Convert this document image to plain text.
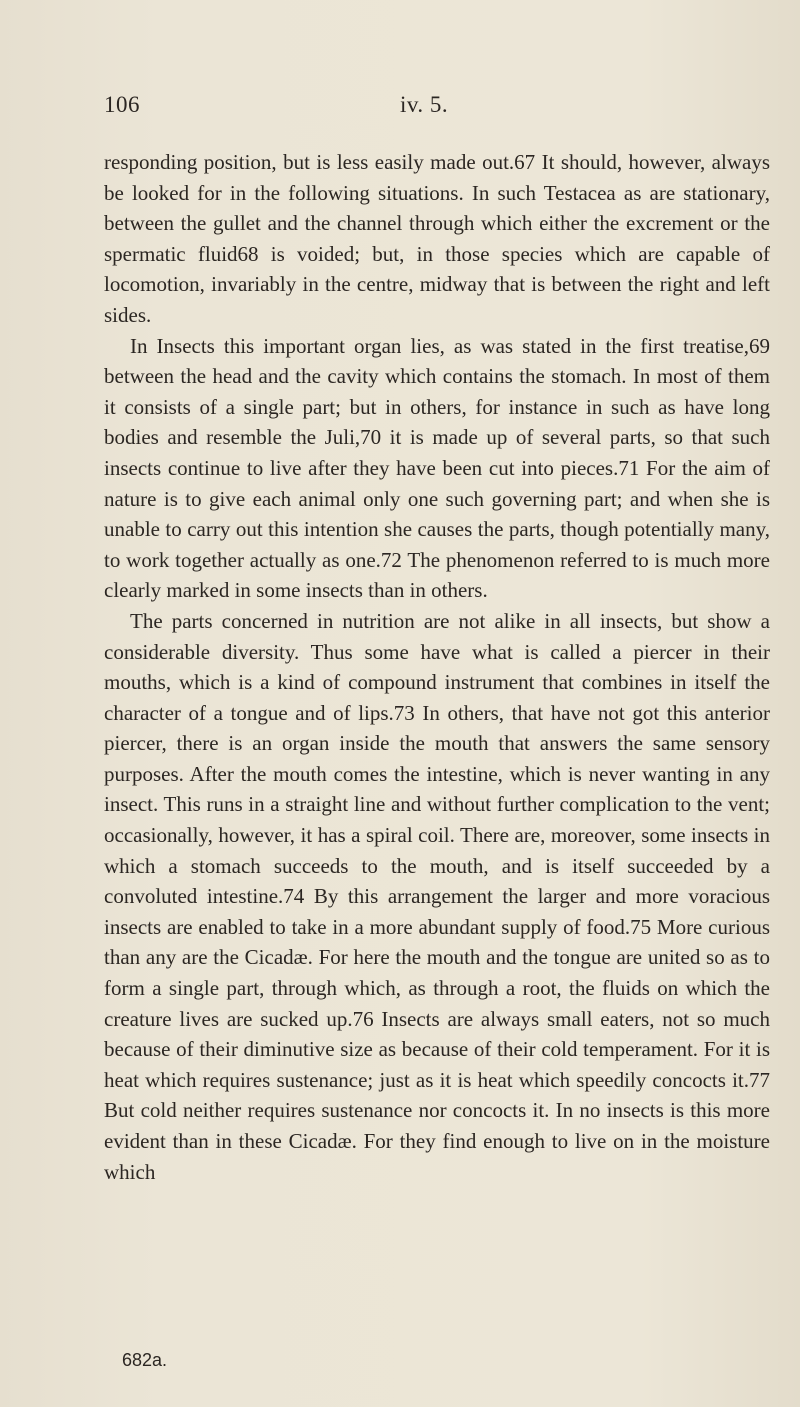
106	iv. 5.

responding position, but is less easily made out.67 It should, however, always be looked for in the following situations. In such Testacea as are stationary, between the gullet and the channel through which either the excrement or the spermatic fluid68 is voided; but, in those species which are capable of locomotion, invariably in the centre, midway that is between the right and left sides.

In Insects this important organ lies, as was stated in the first treatise,69 between the head and the cavity which contains the stomach. In most of them it consists of a single part; but in others, for instance in such as have long bodies and resemble the Juli,70 it is made up of several parts, so that such insects continue to live after they have been cut into pieces.71 For the aim of nature is to give each animal only one such governing part; and when she is unable to carry out this intention she causes the parts, though potentially many, to work together actually as one.72 The phenomenon referred to is much more clearly marked in some insects than in others.

The parts concerned in nutrition are not alike in all insects, but show a considerable diversity. Thus some have what is called a piercer in their mouths, which is a kind of compound instrument that combines in itself the character of a tongue and of lips.73 In others, that have not got this anterior piercer, there is an organ inside the mouth that answers the same sensory purposes. After the mouth comes the intestine, which is never wanting in any insect. This runs in a straight line and without further complication to the vent; occasionally, however, it has a spiral coil. There are, moreover, some insects in which a stomach succeeds to the mouth, and is itself succeeded by a convoluted intestine.74 By this arrangement the larger and more voracious insects are enabled to take in a more abundant supply of food.75 More curious than any are the Cicadæ. For here the mouth and the tongue are united so as to form a single part, through which, as through a root, the fluids on which the creature lives are sucked up.76 Insects are always small eaters, not so much because of their diminutive size as because of their cold temperament. For it is heat which requires sustenance; just as it is heat which speedily concocts it.77 But cold neither requires sustenance nor concocts it. In no insects is this more evident than in these Cicadæ. For they find enough to live on in the moisture which

682a.
